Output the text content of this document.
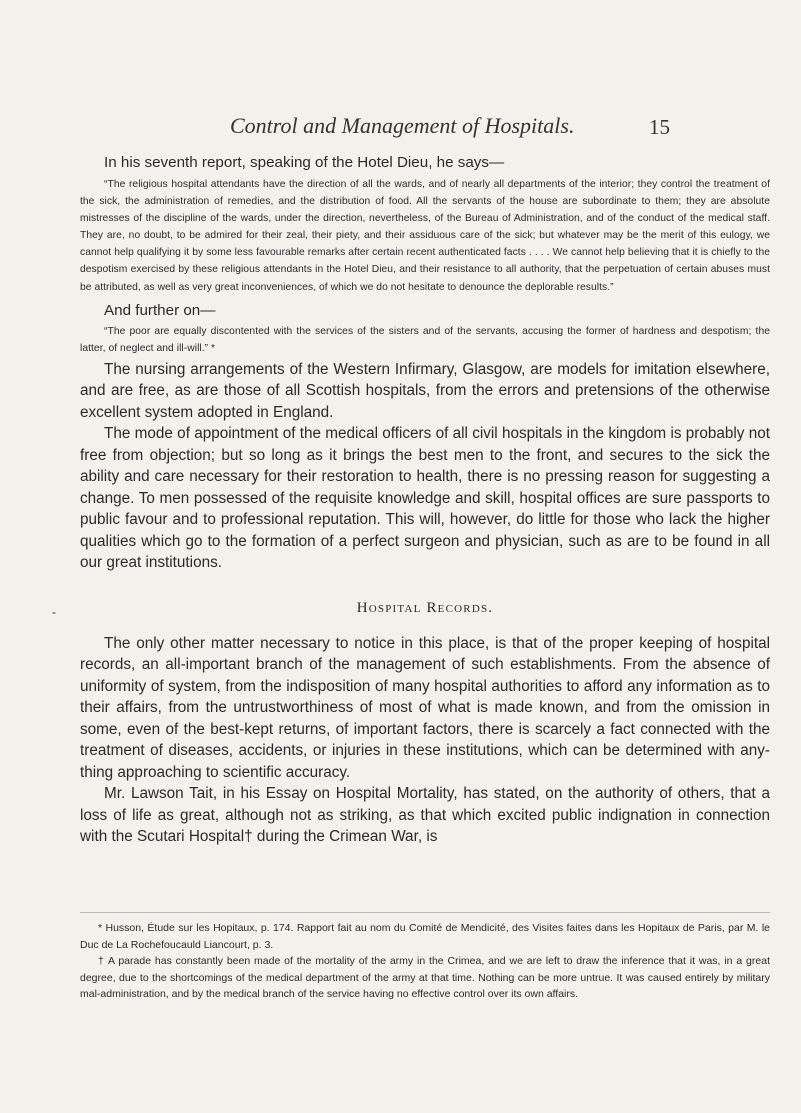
Control and Management of Hospitals.	15

In his seventh report, speaking of the Hotel Dieu, he says—

“The religious hospital attendants have the direction of all the wards, and of nearly all departments of the interior; they control the treatment of the sick, the administration of remedies, and the distribution of food. All the servants of the house are subordinate to them; they are absolute mistresses of the discipline of the wards, under the direction, nevertheless, of the Bureau of Administration, and of the conduct of the medical staff. They are, no doubt, to be admired for their zeal, their piety, and their assiduous care of the sick; but whatever may be the merit of this eulogy, we cannot help qualifying it by some less favourable remarks after certain recent authenticated facts . . . . We cannot help believing that it is chiefly to the despotism exercised by these religious attendants in the Hotel Dieu, and their resistance to all authority, that the perpetuation of certain abuses must be attributed, as well as very great inconveniences, of which we do not hesitate to denounce the deplorable results.”

And further on—

“The poor are equally discontented with the services of the sisters and of the servants, accusing the former of hardness and despotism; the latter, of neglect and ill-will.” *

The nursing arrangements of the Western Infirmary, Glasgow, are models for imitation elsewhere, and are free, as are those of all Scottish hospitals, from the errors and pretensions of the otherwise excellent system adopted in England.

The mode of appointment of the medical officers of all civil hospitals in the kingdom is probably not free from objection; but so long as it brings the best men to the front, and secures to the sick the ability and care necessary for their restoration to health, there is no pressing reason for suggesting a change. To men possessed of the requisite knowledge and skill, hospital offices are sure passports to public favour and to professional reputation. This will, however, do little for those who lack the higher qualities which go to the formation of a perfect surgeon and physician, such as are to be found in all our great institutions.

Hospital Records.

The only other matter necessary to notice in this place, is that of the proper keeping of hospital records, an all-important branch of the management of such establishments. From the absence of uniformity of system, from the indisposition of many hospital authorities to afford any information as to their affairs, from the untrustworthiness of most of what is made known, and from the omission in some, even of the best-kept returns, of important factors, there is scarcely a fact connected with the treatment of diseases, accidents, or injuries in these institutions, which can be determined with any-thing approaching to scientific accuracy.

Mr. Lawson Tait, in his Essay on Hospital Mortality, has stated, on the authority of others, that a loss of life as great, although not as striking, as that which excited public indignation in connection with the Scutari Hospital† during the Crimean War, is

-

* Husson, Étude sur les Hopitaux, p. 174. Rapport fait au nom du Comité de Mendicité, des Visites faites dans les Hopitaux de Paris, par M. le Duc de La Rochefoucauld Liancourt, p. 3.

† A parade has constantly been made of the mortality of the army in the Crimea, and we are left to draw the inference that it was, in a great degree, due to the shortcomings of the medical department of the army at that time. Nothing can be more untrue. It was caused entirely by military mal-administration, and by the medical branch of the service having no effective control over its own affairs.
